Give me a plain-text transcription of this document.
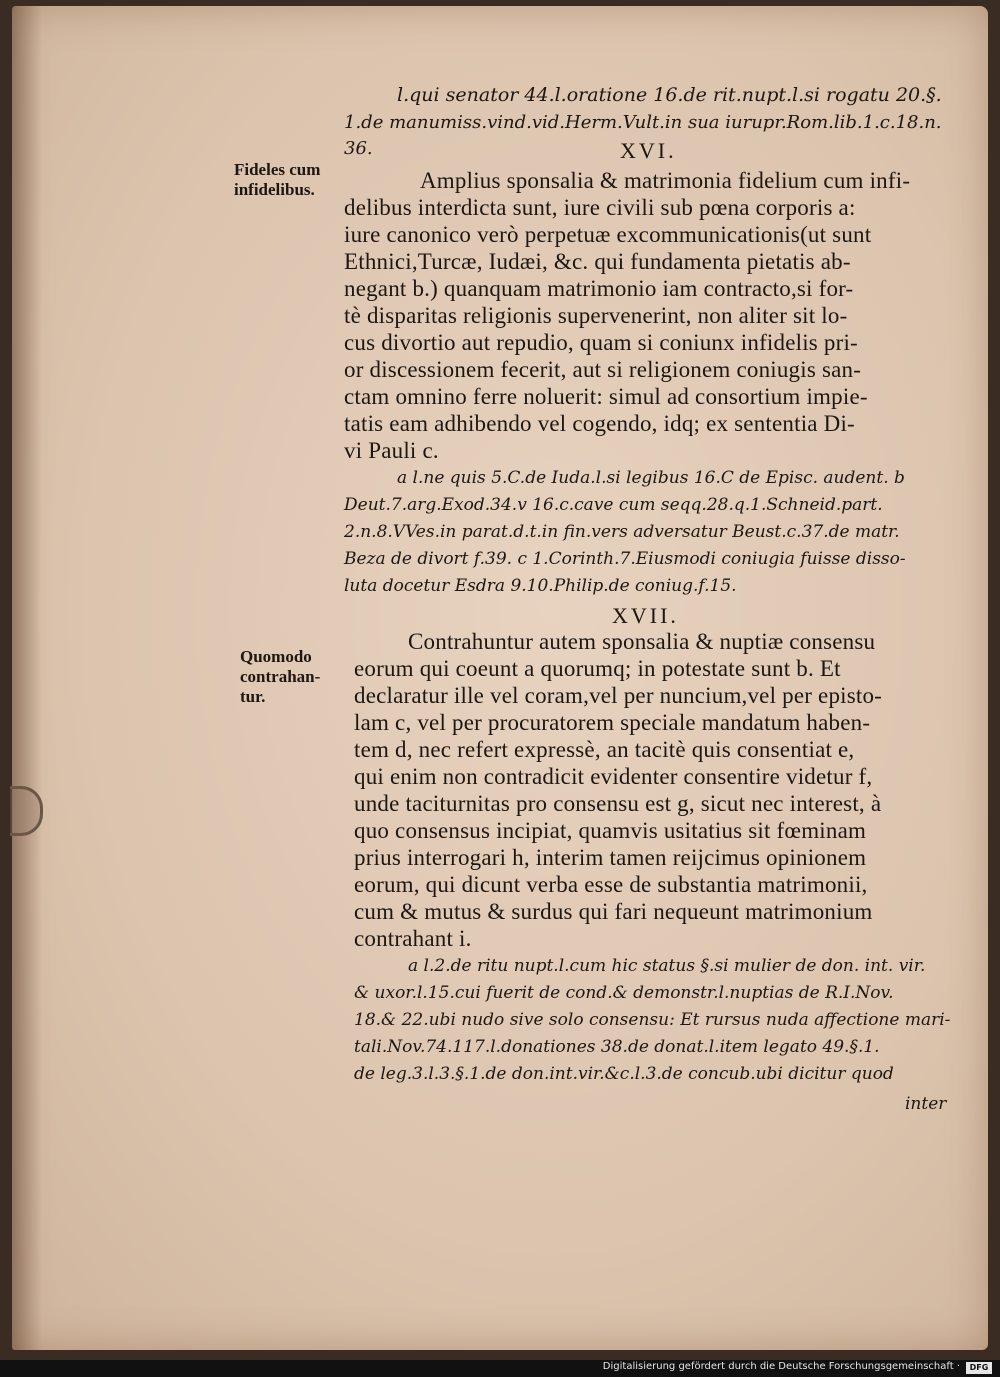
l.qui senator 44.l.oratione 16.de rit.nupt.l.si rogatu 20.§.
1.de manumiss.vind.vid.Herm.Vult.in sua iurupr.Rom.lib.1.c.18.n.
36.	XVI.
Fideles cum
infidelibus.	Amplius sponsalia & matrimonia fidelium cum infi-
delibus interdicta sunt, iure civili sub pœna corporis a:
iure canonico verò perpetuæ excommunicationis(ut sunt
Ethnici,Turcæ, Iudæi, &c. qui fundamenta pietatis ab-
negant b.) quanquam matrimonio iam contracto,si for-
tè disparitas religionis supervenerint, non aliter sit lo-
cus divortio aut repudio, quam si coniunx infidelis pri-
or discessionem fecerit, aut si religionem coniugis san-
ctam omnino ferre noluerit: simul ad consortium impie-
tatis eam adhibendo vel cogendo, idq; ex sententia Di-
vi Pauli c.
a l.ne quis 5.C.de Iuda.l.si legibus 16.C de Episc. audent. b
Deut.7.arg.Exod.34.v 16.c.cave cum seqq.28.q.1.Schneid.part.
2.n.8.VVes.in parat.d.t.in fin.vers adversatur Beust.c.37.de matr.
Beza de divort f.39. c 1.Corinth.7.Eiusmodi coniugia fuisse disso-
luta docetur Esdra 9.10.Philip.de coniug.f.15.
XVII.
Quomodo
contrahan-
tur.
Contrahuntur autem sponsalia & nuptiæ consensu
eorum qui coeunt a quorumq; in potestate sunt b. Et
declaratur ille vel coram,vel per nuncium,vel per episto-
lam c, vel per procuratorem speciale mandatum haben-
tem d, nec refert expressè, an tacitè quis consentiat e,
qui enim non contradicit evidenter consentire videtur f,
unde taciturnitas pro consensu est g, sicut nec interest, à
quo consensus incipiat, quamvis usitatius sit fœminam
prius interrogari h, interim tamen reijcimus opinionem
eorum, qui dicunt verba esse de substantia matrimonii,
cum & mutus & surdus qui fari nequeunt matrimonium
contrahant i.
a l.2.de ritu nupt.l.cum hic status §.si mulier de don. int. vir.
& uxor.l.15.cui fuerit de cond.& demonstr.l.nuptias de R.I.Nov.
18.& 22.ubi nudo sive solo consensu: Et rursus nuda affectione mari-
tali.Nov.74.117.l.donationes 38.de donat.l.item legato 49.§.1.
de leg.3.l.3.§.1.de don.int.vir.&c.l.3.de concub.ubi dicitur quod
inter
Digitalisierung gefördert durch die Deutsche Forschungsgemeinschaft ·	DFG
